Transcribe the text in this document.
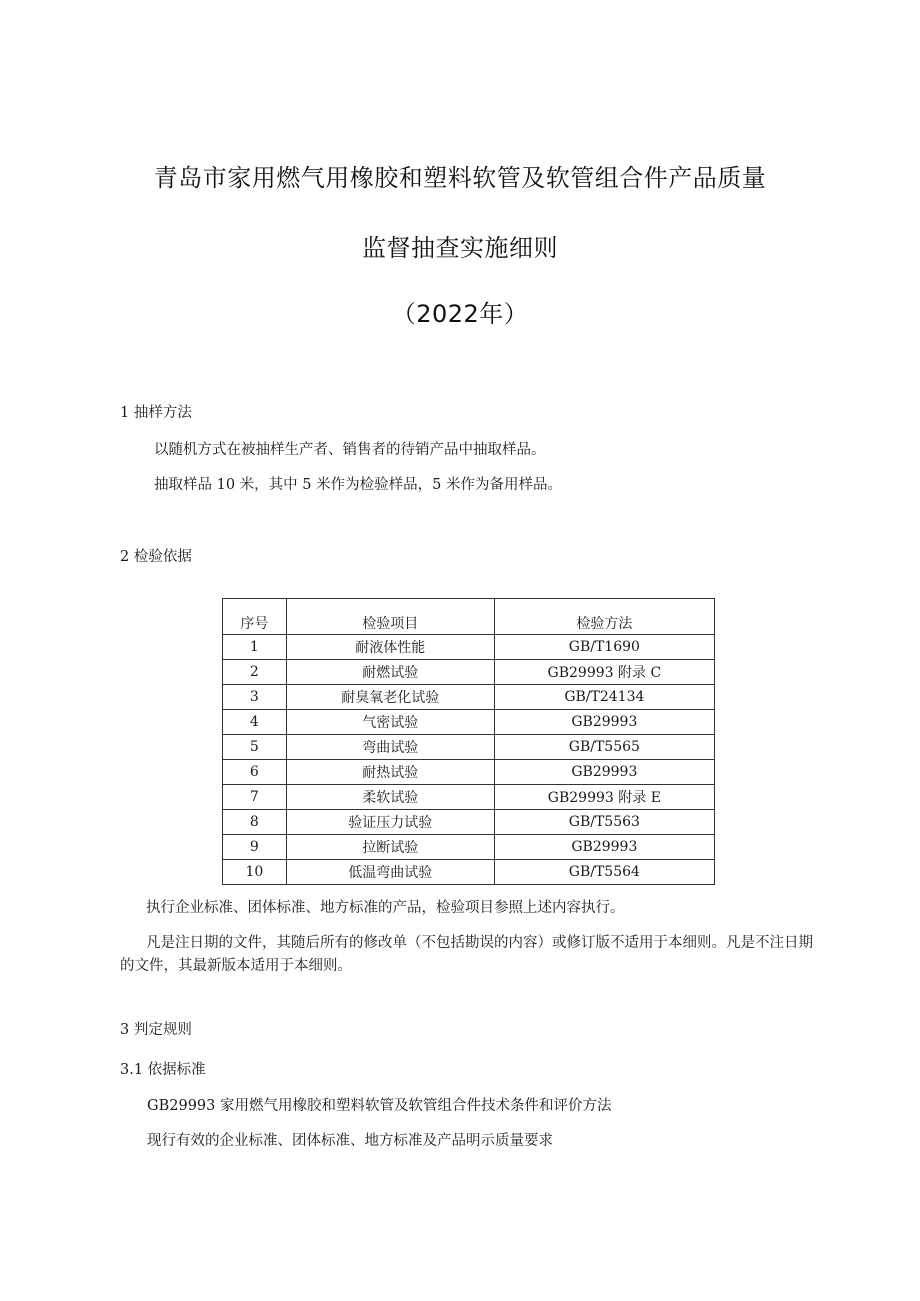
青岛市家用燃气用橡胶和塑料软管及软管组合件产品质量
监督抽查实施细则
（2022年）
1 抽样方法
以随机方式在被抽样生产者、销售者的待销产品中抽取样品。
抽取样品 10 米，其中 5 米作为检验样品，5 米作为备用样品。
2 检验依据
序号	检验项目	检验方法
1	耐液体性能	GB/T1690
2	耐燃试验	GB29993 附录 C
3	耐臭氧老化试验	GB/T24134
4	气密试验	GB29993
5	弯曲试验	GB/T5565
6	耐热试验	GB29993
7	柔软试验	GB29993 附录 E
8	验证压力试验	GB/T5563
9	拉断试验	GB29993
10	低温弯曲试验	GB/T5564
执行企业标准、团体标准、地方标准的产品，检验项目参照上述内容执行。
凡是注日期的文件，其随后所有的修改单（不包括勘误的内容）或修订版不适用于本细则。凡是不注日期的文件，其最新版本适用于本细则。
3 判定规则
3.1 依据标准
GB29993 家用燃气用橡胶和塑料软管及软管组合件技术条件和评价方法
现行有效的企业标准、团体标准、地方标准及产品明示质量要求
